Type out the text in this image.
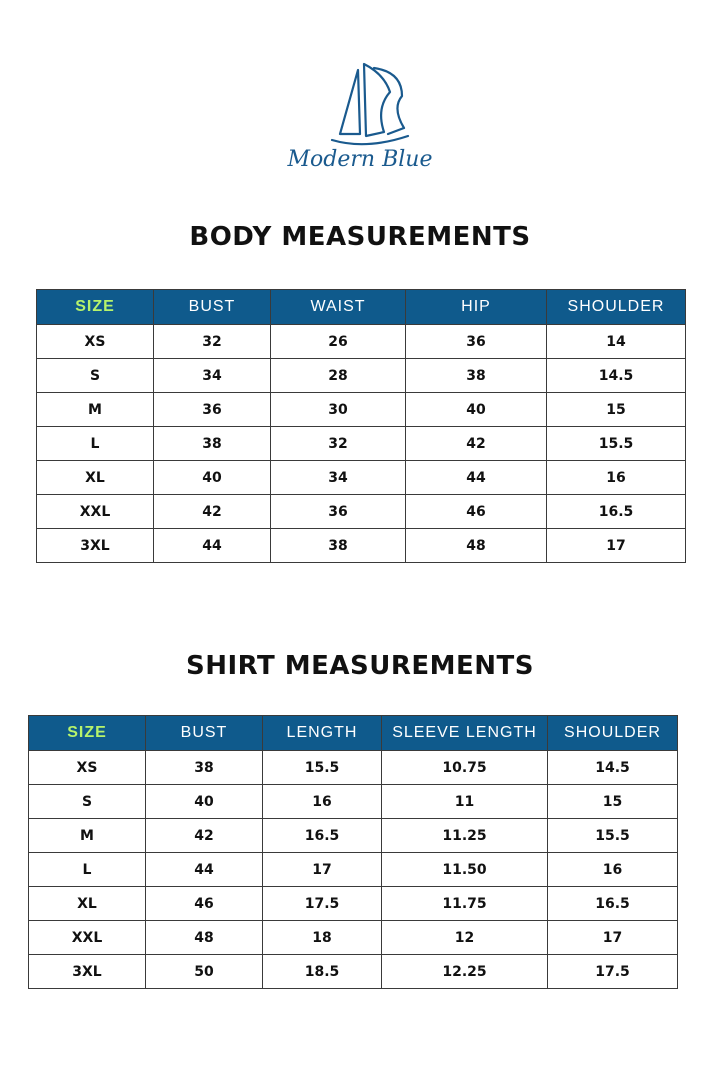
Modern Blue
BODY MEASUREMENTS
SIZE	BUST	WAIST	HIP	SHOULDER
XS	32	26	36	14
S	34	28	38	14.5
M	36	30	40	15
L	38	32	42	15.5
XL	40	34	44	16
XXL	42	36	46	16.5
3XL	44	38	48	17
SHIRT MEASUREMENTS
SIZE	BUST	LENGTH	SLEEVE LENGTH	SHOULDER
XS	38	15.5	10.75	14.5
S	40	16	11	15
M	42	16.5	11.25	15.5
L	44	17	11.50	16
XL	46	17.5	11.75	16.5
XXL	48	18	12	17
3XL	50	18.5	12.25	17.5
